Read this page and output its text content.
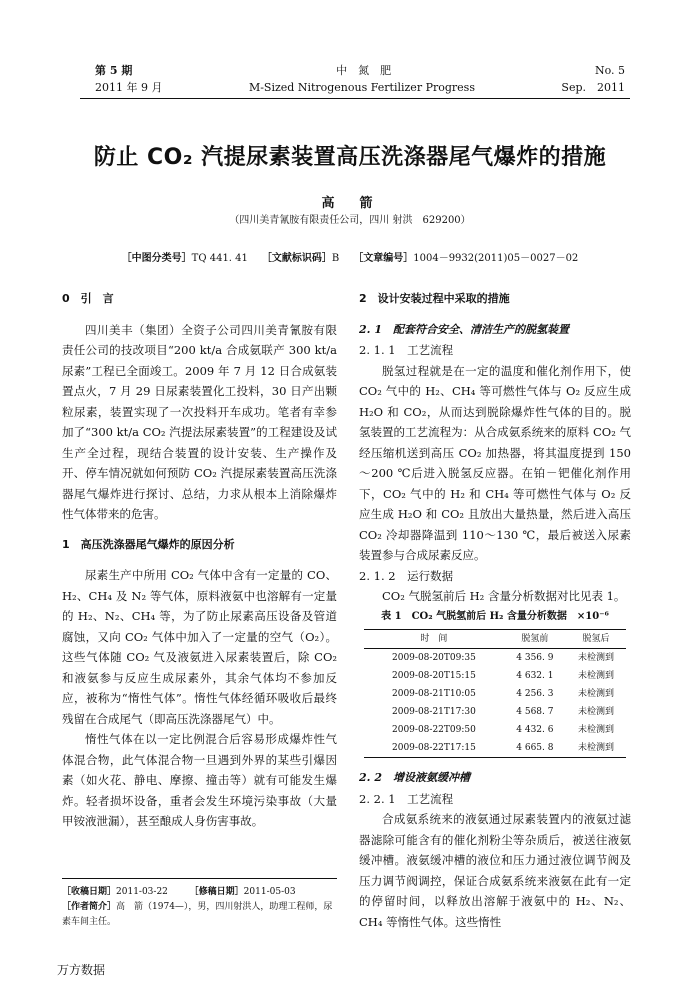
第 5 期	中　氮　肥	No. 5
2011 年 9 月	M-Sized Nitrogenous Fertilizer Progress	Sep.　2011
防止 CO₂ 汽提尿素装置高压洗涤器尾气爆炸的措施
高　箭
（四川美青氰胺有限责任公司，四川 射洪　629200）
［中图分类号］TQ 441. 41 ［文献标识码］B ［文章编号］1004－9932(2011)05－0027－02
0　引　言

四川美丰（集团）全资子公司四川美青氰胺有限责任公司的技改项目“200 kt/a 合成氨联产 300 kt/a 尿素”工程已全面竣工。2009 年 7 月 12 日合成氨装置点火，7 月 29 日尿素装置化工投料，30 日产出颗粒尿素，装置实现了一次投料开车成功。笔者有幸参加了“300 kt/a CO₂ 汽提法尿素装置”的工程建设及试生产全过程，现结合装置的设计安装、生产操作及开、停车情况就如何预防 CO₂ 汽提尿素装置高压洗涤器尾气爆炸进行探讨、总结，力求从根本上消除爆炸性气体带来的危害。

1　高压洗涤器尾气爆炸的原因分析

尿素生产中所用 CO₂ 气体中含有一定量的 CO、H₂、CH₄ 及 N₂ 等气体，原料液氨中也溶解有一定量的 H₂、N₂、CH₄ 等，为了防止尿素高压设备及管道腐蚀，又向 CO₂ 气体中加入了一定量的空气（O₂）。这些气体随 CO₂ 气及液氨进入尿素装置后，除 CO₂ 和液氨参与反应生成尿素外，其余气体均不参加反应，被称为“惰性气体”。惰性气体经循环吸收后最终残留在合成尾气（即高压洗涤器尾气）中。

惰性气体在以一定比例混合后容易形成爆炸性气体混合物，此气体混合物一旦遇到外界的某些引爆因素（如火花、静电、摩擦、撞击等）就有可能发生爆炸。轻者损坏设备，重者会发生环境污染事故（大量甲铵液泄漏），甚至酿成人身伤害事故。

［收稿日期］2011-03-22 ［修稿日期］2011-05-03
［作者简介］高　箭（1974—），男，四川射洪人，助理工程师，尿素车间主任。
2　设计安装过程中采取的措施
2. 1　配套符合安全、清洁生产的脱氢装置
2. 1. 1　工艺流程

脱氢过程就是在一定的温度和催化剂作用下，使 CO₂ 气中的 H₂、CH₄ 等可燃性气体与 O₂ 反应生成 H₂O 和 CO₂，从而达到脱除爆炸性气体的目的。脱氢装置的工艺流程为：从合成氨系统来的原料 CO₂ 气经压缩机送到高压 CO₂ 加热器，将其温度提到 150～200 ℃后进入脱氢反应器。在铂－钯催化剂作用下，CO₂ 气中的 H₂ 和 CH₄ 等可燃性气体与 O₂ 反应生成 H₂O 和 CO₂ 且放出大量热量，然后进入高压 CO₂ 冷却器降温到 110～130 ℃，最后被送入尿素装置参与合成尿素反应。

2. 1. 2　运行数据

CO₂ 气脱氢前后 H₂ 含量分析数据对比见表 1。

表 1　CO₂ 气脱氢前后 H₂ 含量分析数据　×10⁻⁶
时　间	脱氢前	脱氢后
2009-08-20T09:35	4 356. 9	未检测到
2009-08-20T15:15	4 632. 1	未检测到
2009-08-21T10:05	4 256. 3	未检测到
2009-08-21T17:30	4 568. 7	未检测到
2009-08-22T09:50	4 432. 6	未检测到
2009-08-22T17:15	4 665. 8	未检测到
2. 2　增设液氨缓冲槽
2. 2. 1　工艺流程

合成氨系统来的液氨通过尿素装置内的液氨过滤器滤除可能含有的催化剂粉尘等杂质后，被送往液氨缓冲槽。液氨缓冲槽的液位和压力通过液位调节阀及压力调节阀调控，保证合成氨系统来液氨在此有一定的停留时间，以释放出溶解于液氨中的 H₂、N₂、CH₄ 等惰性气体。这些惰性

万方数据
